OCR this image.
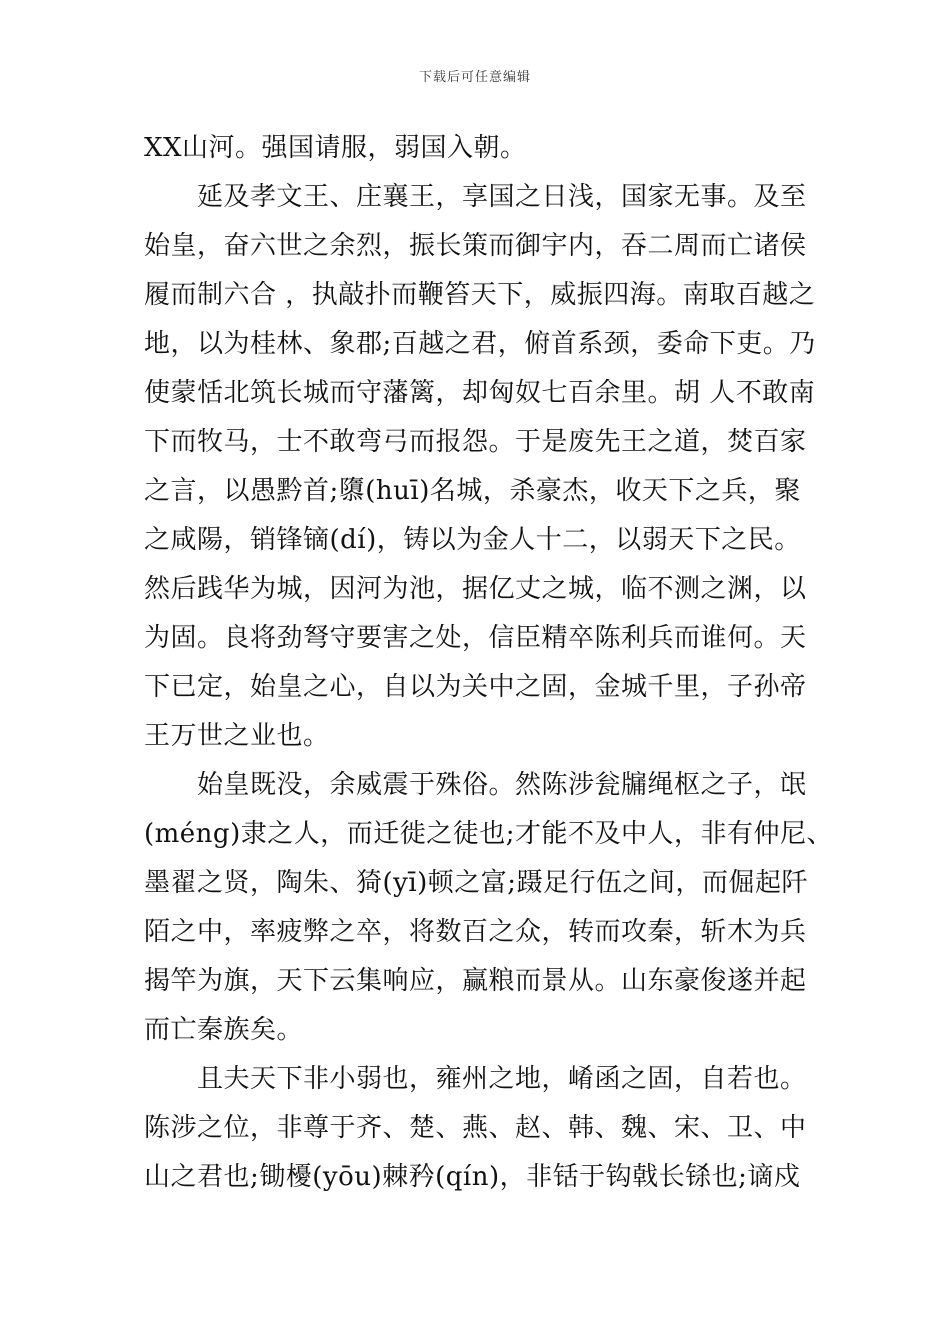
下载后可任意编辑
XX山河。强国请服，弱国入朝。
　　延及孝文王、庄襄王，享国之日浅，国家无事。及至
始皇，奋六世之余烈，振长策而御宇内，吞二周而亡诸侯
履而制六合 ，执敲扑而鞭笞天下，威振四海。南取百越之
地，以为桂林、象郡;百越之君，俯首系颈，委命下吏。乃
使蒙恬北筑长城而守藩篱，却匈奴七百余里。胡 人不敢南
下而牧马，士不敢弯弓而报怨。于是废先王之道，焚百家
之言，以愚黔首;隳(huī)名城，杀豪杰，收天下之兵，聚
之咸陽，销锋镝(dí)，铸以为金人十二，以弱天下之民。
然后践华为城，因河为池，据亿丈之城，临不测之渊，以
为固。良将劲弩守要害之处，信臣精卒陈利兵而谁何。天
下已定，始皇之心，自以为关中之固，金城千里，子孙帝
王万世之业也。
　　始皇既没，余威震于殊俗。然陈涉瓮牖绳枢之子，氓
(méng)隶之人，而迁徙之徒也;才能不及中人，非有仲尼、
墨翟之贤，陶朱、猗(yī)顿之富;蹑足行伍之间，而倔起阡
陌之中，率疲弊之卒，将数百之众，转而攻秦，斩木为兵
揭竿为旗，天下云集响应，赢粮而景从。山东豪俊遂并起
而亡秦族矣。
　　且夫天下非小弱也，雍州之地，崤函之固，自若也。
陈涉之位，非尊于齐、楚、燕、赵、韩、魏、宋、卫、中
山之君也;锄櫌(yōu)棘矜(qín)，非铦于钩戟长铩也;谪戍
